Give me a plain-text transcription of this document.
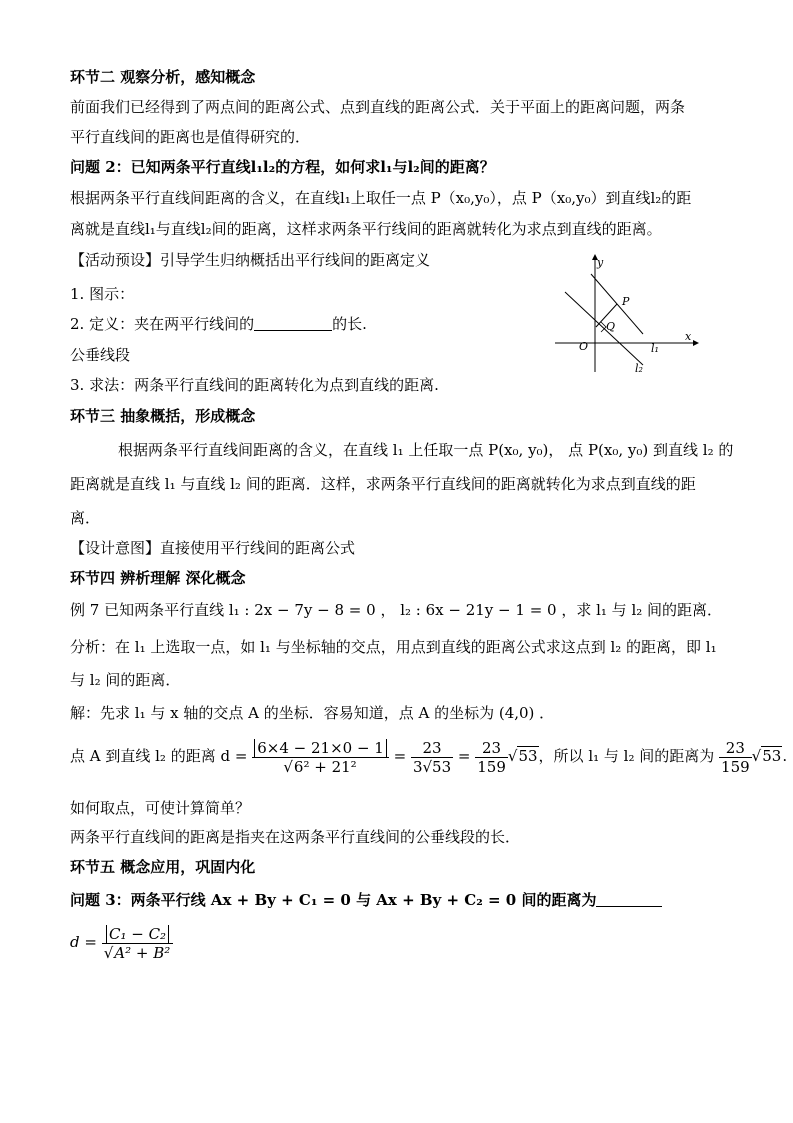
环节二 观察分析，感知概念
前面我们已经得到了两点间的距离公式、点到直线的距离公式．关于平面上的距离问题，两条
平行直线间的距离也是值得研究的．
问题 2：已知两条平行直线l₁l₂的方程，如何求l₁与l₂间的距离？
根据两条平行直线间距离的含义，在直线l₁上取任一点 P（x₀,y₀），点 P（x₀,y₀）到直线l₂的距
离就是直线l₁与直线l₂间的距离，这样求两条平行线间的距离就转化为求点到直线的距离。
【活动预设】引导学生归纳概括出平行线间的距离定义
1. 图示：
2. 定义：夹在两平行线间的	的长.
公垂线段
3. 求法：两条平行直线间的距离转化为点到直线的距离.
y
x
O
P
Q
l₁
l₂
环节三 抽象概括，形成概念
根据两条平行直线间距离的含义，在直线 l₁ 上任取一点 P(x₀, y₀)， 点 P(x₀, y₀) 到直线 l₂ 的
距离就是直线 l₁ 与直线 l₂ 间的距离．这样，求两条平行直线间的距离就转化为求点到直线的距
离．
【设计意图】直接使用平行线间的距离公式
环节四 辨析理解 深化概念
例 7 已知两条平行直线 l₁ : 2x − 7y − 8 = 0 ， l₂ : 6x − 21y − 1 = 0 ，求 l₁ 与 l₂ 间的距离．
分析：在 l₁ 上选取一点，如 l₁ 与坐标轴的交点，用点到直线的距离公式求这点到 l₂ 的距离，即 l₁
与 l₂ 间的距离．
解：先求 l₁ 与 x 轴的交点 A 的坐标．容易知道，点 A 的坐标为 (4,0) ．
点 A 到直线 l₂ 的距离 $d = \frac{6\times 4 - 21\times 0 - 1}{\text{√6² + 21²}} = \frac{23}{3√53} = \frac{23}{159} √53$，所以 l₁ 与 l₂ 间的距离为 $\frac{23}{159} √53$.
如何取点，可使计算简单？
两条平行直线间的距离是指夹在这两条平行直线间的公垂线段的长．
环节五 概念应用，巩固内化
问题 3：两条平行线 Ax + By + C₁ = 0 与 Ax + By + C₂ = 0 间的距离为
$d = \frac{\text{C₁ − C₂}}{\text{√A² + B²}}$
